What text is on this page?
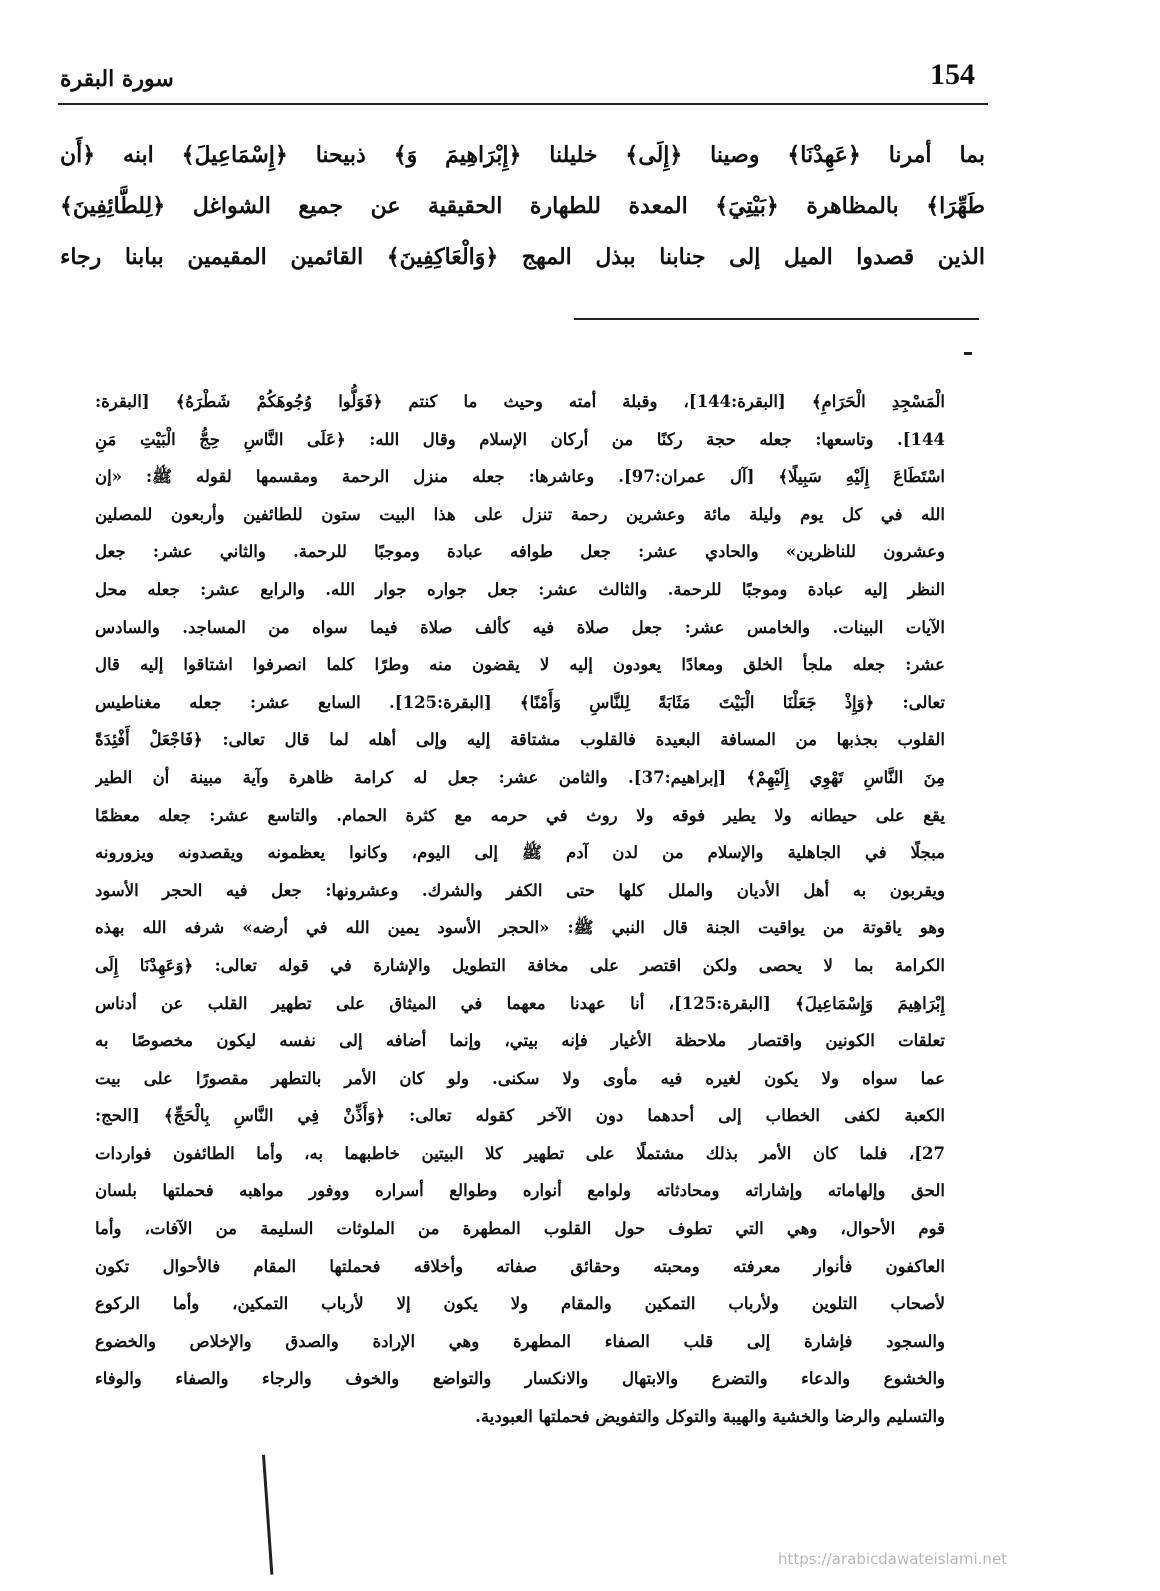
154
سورة البقرة
بما أمرنا ﴿عَهِدْنَا﴾ وصينا ﴿إِلَى﴾ خليلنا ﴿إِبْرَاهِيمَ وَ﴾ ذبيحنا ﴿إِسْمَاعِيلَ﴾ ابنه ﴿أَن
طَهِّرَا﴾ بالمظاهرة ﴿بَيْتِيَ﴾ المعدة للطهارة الحقيقية عن جميع الشواغل ﴿لِلطَّائِفِينَ﴾
الذين قصدوا الميل إلى جنابنا ببذل المهج ﴿وَالْعَاكِفِينَ﴾ القائمين المقيمين ببابنا رجاء
الْمَسْجِدِ الْحَرَامِ﴾ [البقرة:144]، وقبلة أمته وحيث ما كنتم ﴿فَوَلُّوا وُجُوهَكُمْ شَطْرَهُ﴾ [البقرة:
144]. وتاسعها: جعله حجة ركنًا من أركان الإسلام وقال الله: ﴿عَلَى النَّاسِ حِجُّ الْبَيْتِ مَنِ
اسْتَطَاعَ إِلَيْهِ سَبِيلًا﴾ [آل عمران:97]. وعاشرها: جعله منزل الرحمة ومقسمها لقوله ﷺ: «إن
الله في كل يوم وليلة مائة وعشرين رحمة تنزل على هذا البيت ستون للطائفين وأربعون للمصلين
وعشرون للناظرين» والحادي عشر: جعل طوافه عبادة وموجبًا للرحمة. والثاني عشر: جعل
النظر إليه عبادة وموجبًا للرحمة. والثالث عشر: جعل جواره جوار الله. والرابع عشر: جعله محل
الآيات البينات. والخامس عشر: جعل صلاة فيه كألف صلاة فيما سواه من المساجد. والسادس
عشر: جعله ملجأ الخلق ومعادًا يعودون إليه لا يقضون منه وطرًا كلما انصرفوا اشتاقوا إليه قال
تعالى: ﴿وَإِذْ جَعَلْنَا الْبَيْتَ مَثَابَةً لِلنَّاسِ وَأَمْنًا﴾ [البقرة:125]. السابع عشر: جعله مغناطيس
القلوب بجذبها من المسافة البعيدة فالقلوب مشتاقة إليه وإلى أهله لما قال تعالى: ﴿فَاجْعَلْ أَفْئِدَةً
مِنَ النَّاسِ تَهْوِي إِلَيْهِمْ﴾ [إبراهيم:37]. والثامن عشر: جعل له كرامة ظاهرة وآية مبينة أن الطير
يقع على حيطانه ولا يطير فوقه ولا روث في حرمه مع كثرة الحمام. والتاسع عشر: جعله معظمًا
مبجلًا في الجاهلية والإسلام من لدن آدم ﷺ إلى اليوم، وكانوا يعظمونه ويقصدونه ويزورونه
ويقربون به أهل الأديان والملل كلها حتى الكفر والشرك. وعشرونها: جعل فيه الحجر الأسود
وهو ياقوتة من يواقيت الجنة قال النبي ﷺ: «الحجر الأسود يمين الله في أرضه» شرفه الله بهذه
الكرامة بما لا يحصى ولكن اقتصر على مخافة التطويل والإشارة في قوله تعالى: ﴿وَعَهِدْنَا إِلَى
إِبْرَاهِيمَ وَإِسْمَاعِيلَ﴾ [البقرة:125]، أنا عهدنا معهما في الميثاق على تطهير القلب عن أدناس
تعلقات الكونين واقتصار ملاحظة الأغيار فإنه بيتي، وإنما أضافه إلى نفسه ليكون مخصوصًا به
عما سواه ولا يكون لغيره فيه مأوى ولا سكنى. ولو كان الأمر بالتطهر مقصورًا على بيت
الكعبة لكفى الخطاب إلى أحدهما دون الآخر كقوله تعالى: ﴿وَأَذِّنْ فِي النَّاسِ بِالْحَجِّ﴾ [الحج:
27]، فلما كان الأمر بذلك مشتملًا على تطهير كلا البيتين خاطبهما به، وأما الطائفون فواردات
الحق وإلهاماته وإشاراته ومحادثاته ولوامع أنواره وطوالع أسراره ووفور مواهبه فحملتها بلسان
قوم الأحوال، وهي التي تطوف حول القلوب المطهرة من الملوثات السليمة من الآفات، وأما
العاكفون فأنوار معرفته ومحبته وحقائق صفاته وأخلاقه فحملتها المقام فالأحوال تكون
لأصحاب التلوين ولأرباب التمكين والمقام ولا يكون إلا لأرباب التمكين، وأما الركوع
والسجود فإشارة إلى قلب الصفاء المطهرة وهي الإرادة والصدق والإخلاص والخضوع
والخشوع والدعاء والتضرع والابتهال والانكسار والتواضع والخوف والرجاء والصفاء والوفاء
والتسليم والرضا والخشية والهيبة والتوكل والتفويض فحملتها العبودية.
https://arabicdawateislami.net
